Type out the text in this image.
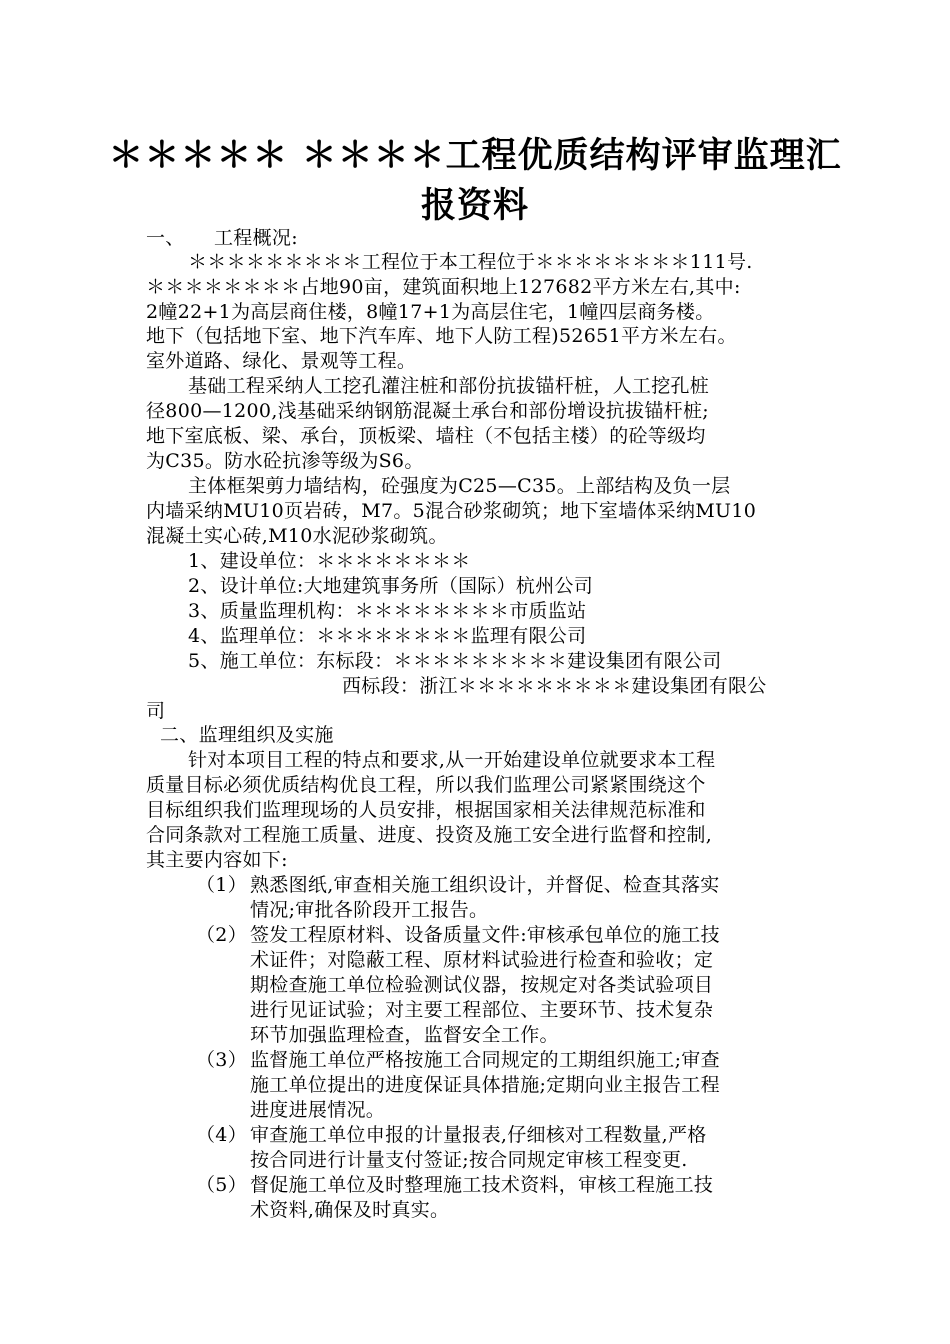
＊＊＊＊＊ ＊＊＊＊工程优质结构评审监理汇
报资料
一、 工程概况:
＊＊＊＊＊＊＊＊＊工程位于本工程位于＊＊＊＊＊＊＊＊111号.
＊＊＊＊＊＊＊＊占地90亩，建筑面积地上127682平方米左右,其中:
2幢22+1为高层商住楼，8幢17+1为高层住宅，1幢四层商务楼。
地下（包括地下室、地下汽车库、地下人防工程)52651平方米左右。
室外道路、绿化、景观等工程。
基础工程采纳人工挖孔灌注桩和部份抗拔锚杆桩，人工挖孔桩
径800—1200,浅基础采纳钢筋混凝土承台和部份增设抗拔锚杆桩;
地下室底板、梁、承台，顶板梁、墙柱（不包括主楼）的砼等级均
为C35。防水砼抗渗等级为S6。
主体框架剪力墙结构，砼强度为C25—C35。上部结构及负一层
内墙采纳MU10页岩砖，M7。5混合砂浆砌筑；地下室墙体采纳MU10
混凝土实心砖,M10水泥砂浆砌筑。
1、建设单位：＊＊＊＊＊＊＊＊
2、设计单位:大地建筑事务所（国际）杭州公司
3、质量监理机构：＊＊＊＊＊＊＊＊市质监站
4、监理单位：＊＊＊＊＊＊＊＊监理有限公司
5、施工单位：东标段：＊＊＊＊＊＊＊＊＊建设集团有限公司
西标段：浙江＊＊＊＊＊＊＊＊＊建设集团有限公
司
二、监理组织及实施
针对本项目工程的特点和要求,从一开始建设单位就要求本工程
质量目标必须优质结构优良工程，所以我们监理公司紧紧围绕这个
目标组织我们监理现场的人员安排，根据国家相关法律规范标准和
合同条款对工程施工质量、进度、投资及施工安全进行监督和控制,
其主要内容如下:
（1） 熟悉图纸,审查相关施工组织设计，并督促、检查其落实
情况;审批各阶段开工报告。
（2） 签发工程原材料、设备质量文件:审核承包单位的施工技
术证件；对隐蔽工程、原材料试验进行检查和验收；定
期检查施工单位检验测试仪器，按规定对各类试验项目
进行见证试验；对主要工程部位、主要环节、技术复杂
环节加强监理检查，监督安全工作。
（3） 监督施工单位严格按施工合同规定的工期组织施工;审查
施工单位提出的进度保证具体措施;定期向业主报告工程
进度进展情况。
（4） 审查施工单位申报的计量报表,仔细核对工程数量,严格
按合同进行计量支付签证;按合同规定审核工程变更.
（5） 督促施工单位及时整理施工技术资料，审核工程施工技
术资料,确保及时真实。
